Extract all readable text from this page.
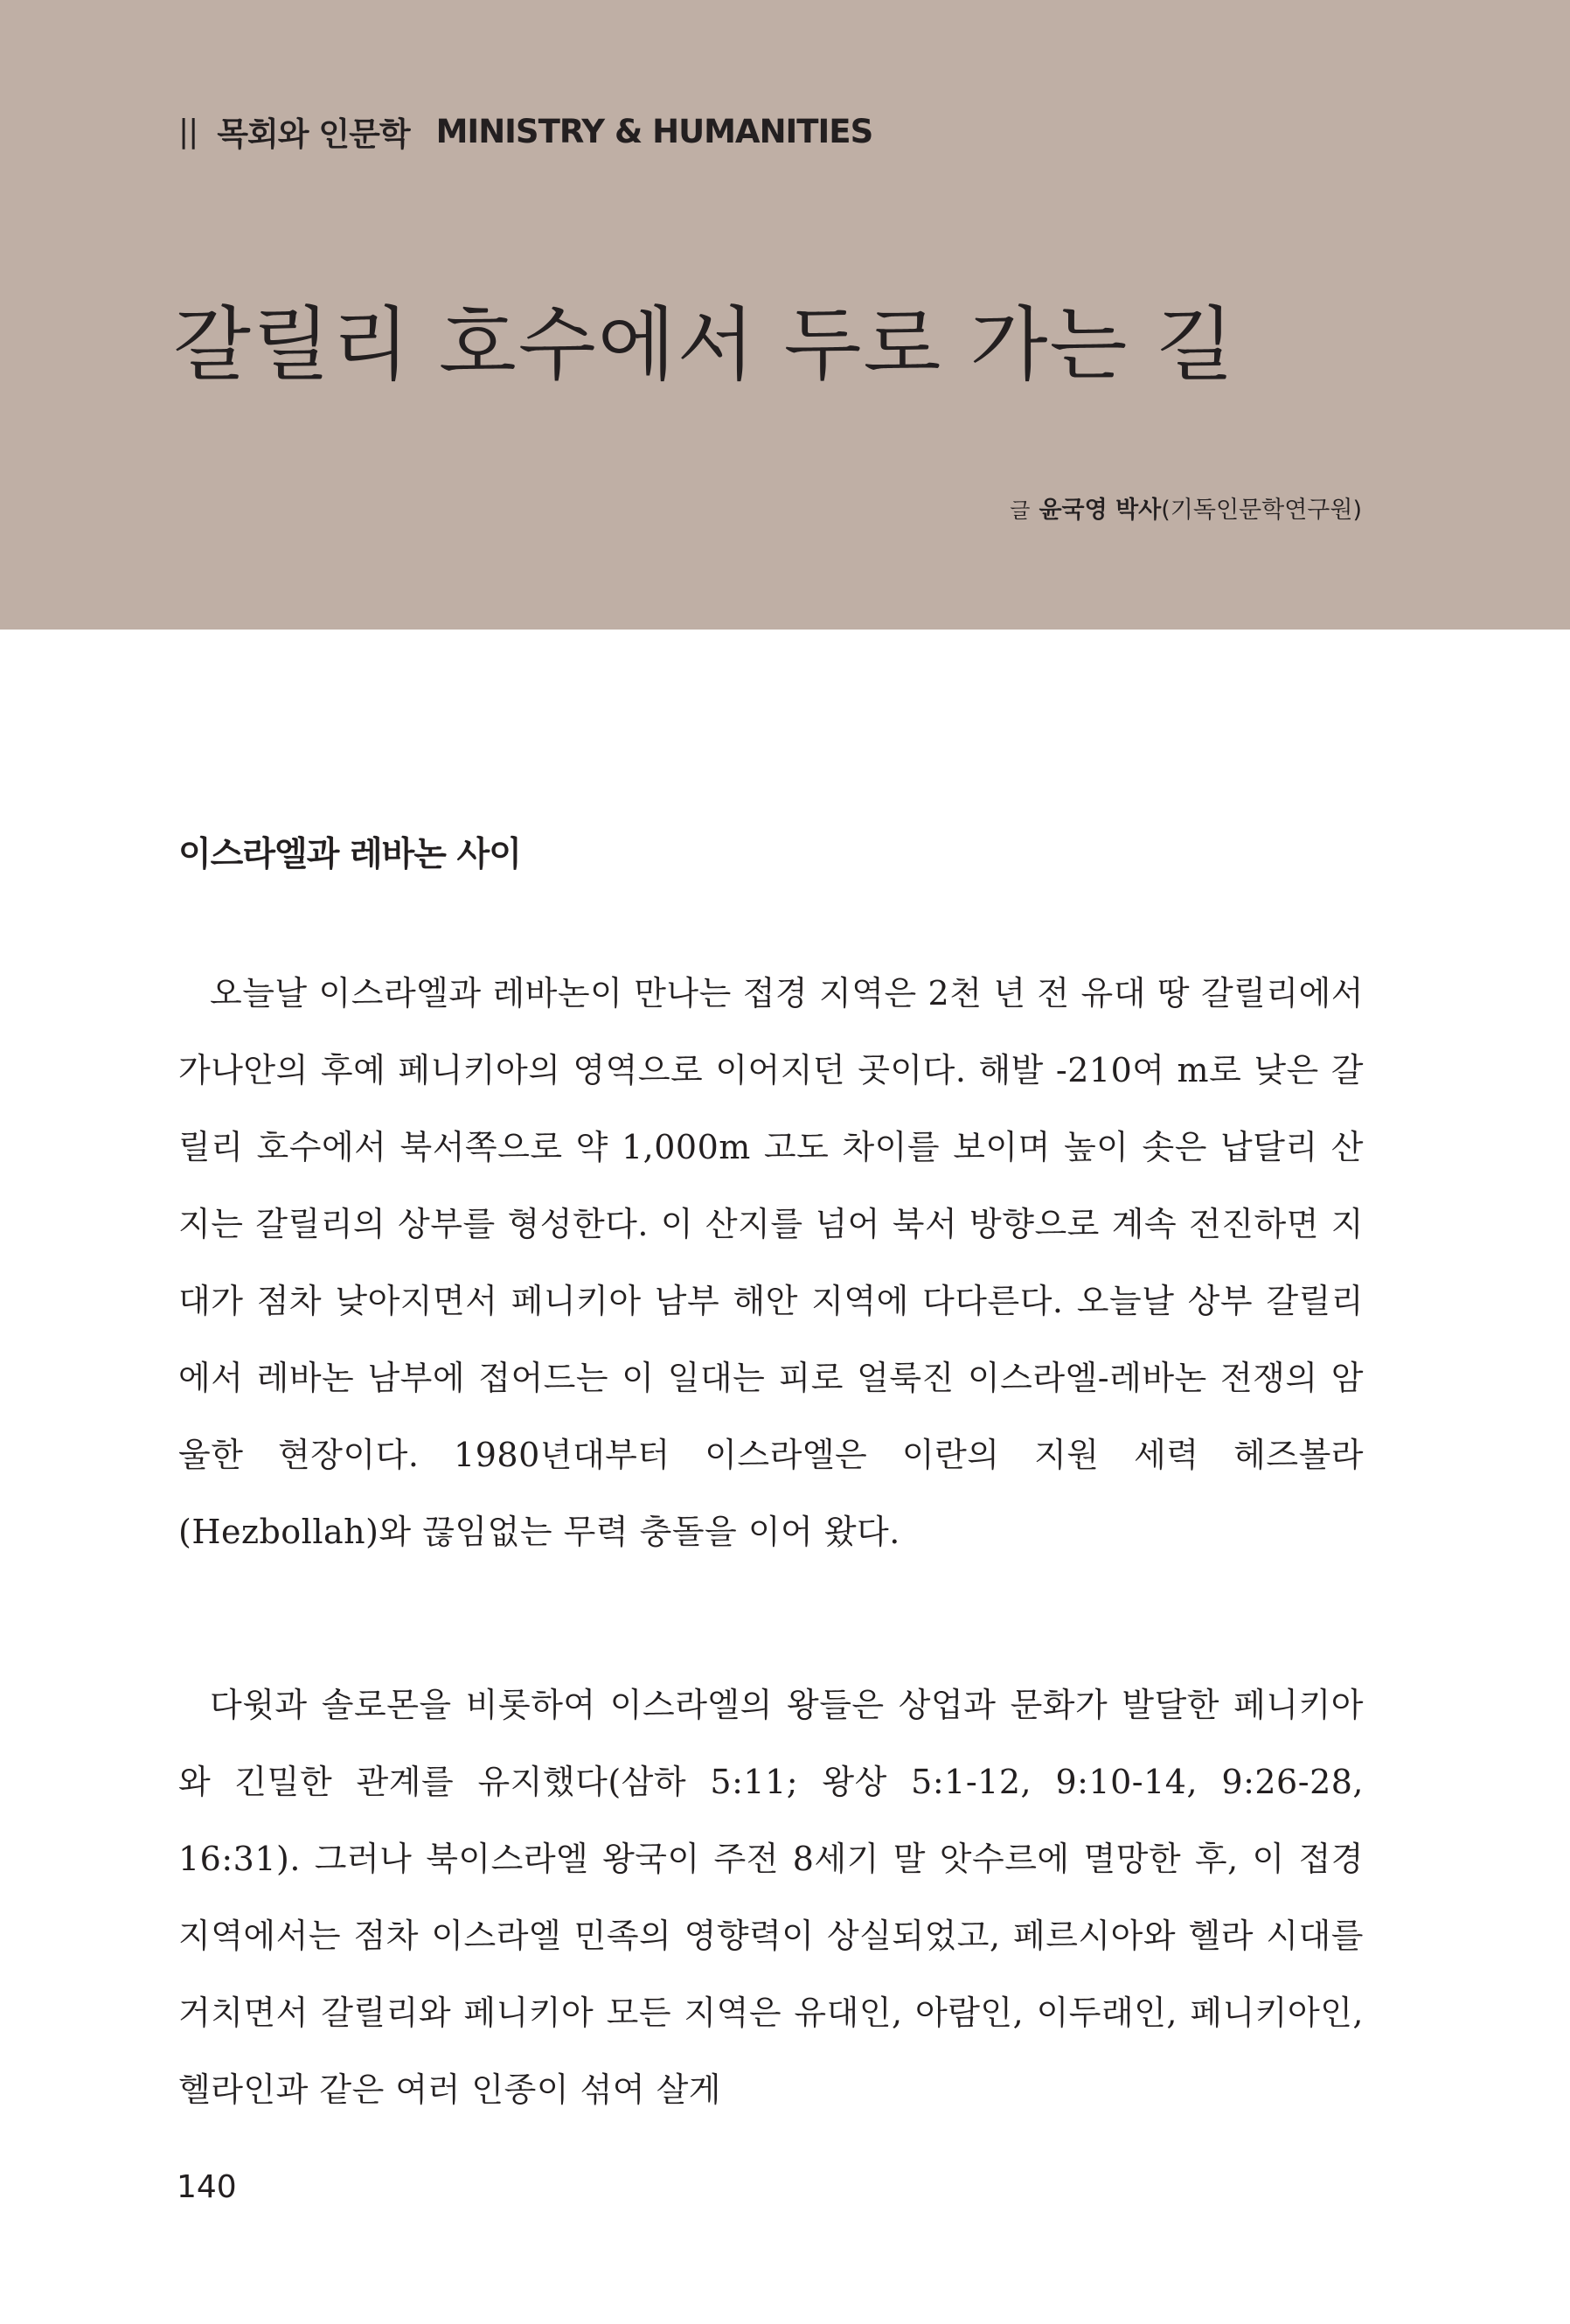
|| 목회와 인문학 MINISTRY & HUMANITIES
갈릴리 호수에서 두로 가는 길
글 윤국영 박사(기독인문학연구원)
이스라엘과 레바논 사이

오늘날 이스라엘과 레바논이 만나는 접경 지역은 2천 년 전 유대 땅 갈릴리에서 가나안의 후예 페니키아의 영역으로 이어지던 곳이다. 해발 -210여 m로 낮은 갈릴리 호수에서 북서쪽으로 약 1,000m 고도 차이를 보이며 높이 솟은 납달리 산지는 갈릴리의 상부를 형성한다. 이 산지를 넘어 북서 방향으로 계속 전진하면 지대가 점차 낮아지면서 페니키아 남부 해안 지역에 다다른다. 오늘날 상부 갈릴리에서 레바논 남부에 접어드는 이 일대는 피로 얼룩진 이스라엘-레바논 전쟁의 암울한 현장이다. 1980년대부터 이스라엘은 이란의 지원 세력 헤즈볼라(Hezbollah)와 끊임없는 무력 충돌을 이어 왔다.

다윗과 솔로몬을 비롯하여 이스라엘의 왕들은 상업과 문화가 발달한 페니키아와 긴밀한 관계를 유지했다(삼하 5:11; 왕상 5:1-12, 9:10-14, 9:26-28, 16:31). 그러나 북이스라엘 왕국이 주전 8세기 말 앗수르에 멸망한 후, 이 접경 지역에서는 점차 이스라엘 민족의 영향력이 상실되었고, 페르시아와 헬라 시대를 거치면서 갈릴리와 페니키아 모든 지역은 유대인, 아람인, 이두래인, 페니키아인, 헬라인과 같은 여러 인종이 섞여 살게

140
